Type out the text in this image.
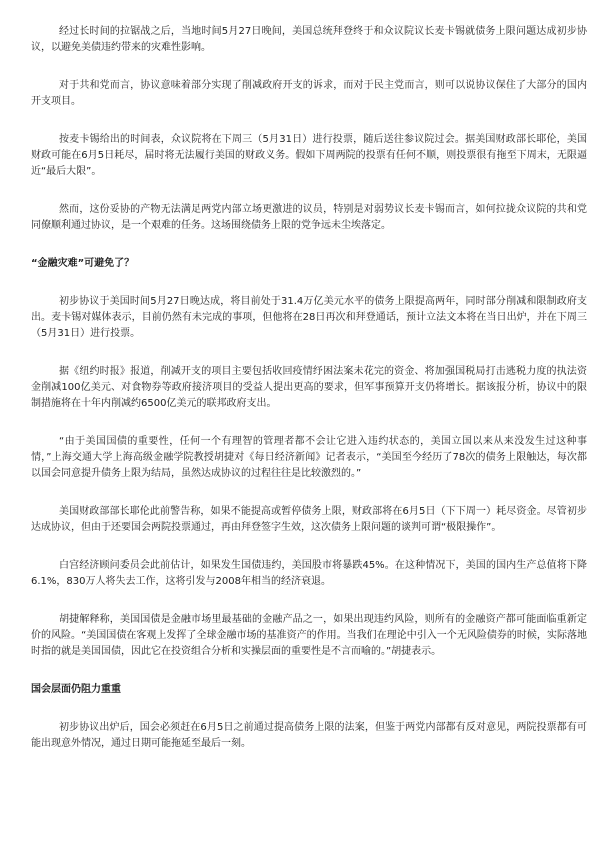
经过长时间的拉锯战之后，当地时间5月27日晚间，美国总统拜登终于和众议院议长麦卡锡就债务上限问题达成初步协议，以避免美债违约带来的灾难性影响。

对于共和党而言，协议意味着部分实现了削减政府开支的诉求，而对于民主党而言，则可以说协议保住了大部分的国内开支项目。

按麦卡锡给出的时间表，众议院将在下周三（5月31日）进行投票，随后送往参议院过会。据美国财政部长耶伦，美国财政可能在6月5日耗尽，届时将无法履行美国的财政义务。假如下周两院的投票有任何不顺，则投票很有拖至下周末，无限逼近“最后大限”。

然而，这份妥协的产物无法满足两党内部立场更激进的议员，特别是对弱势议长麦卡锡而言，如何拉拢众议院的共和党同僚顺利通过协议，是一个艰难的任务。这场围绕债务上限的党争远未尘埃落定。

“金融灾难”可避免了？

初步协议于美国时间5月27日晚达成，将目前处于31.4万亿美元水平的债务上限提高两年，同时部分削减和限制政府支出。麦卡锡对媒体表示，目前仍然有未完成的事项，但他将在28日再次和拜登通话，预计立法文本将在当日出炉，并在下周三（5月31日）进行投票。

据《纽约时报》报道，削减开支的项目主要包括收回疫情纾困法案未花完的资金、将加强国税局打击逃税力度的执法资金削减100亿美元、对食物券等政府接济项目的受益人提出更高的要求，但军事预算开支仍将增长。据该报分析，协议中的限制措施将在十年内削减约6500亿美元的联邦政府支出。

“由于美国国债的重要性，任何一个有理智的管理者都不会让它进入违约状态的，美国立国以来从来没发生过这种事情，”上海交通大学上海高级金融学院教授胡捷对《每日经济新闻》记者表示，“美国至今经历了78次的债务上限触达，每次都以国会同意提升债务上限为结局，虽然达成协议的过程往往是比较激烈的。”

美国财政部部长耶伦此前警告称，如果不能提高或暂停债务上限，财政部将在6月5日（下下周一）耗尽资金。尽管初步达成协议，但由于还要国会两院投票通过，再由拜登签字生效，这次债务上限问题的谈判可谓“极限操作”。

白宫经济顾问委员会此前估计，如果发生国债违约，美国股市将暴跌45%。在这种情况下，美国的国内生产总值将下降6.1%，830万人将失去工作，这将引发与2008年相当的经济衰退。

胡捷解释称，美国国债是金融市场里最基础的金融产品之一，如果出现违约风险，则所有的金融资产都可能面临重新定价的风险。“美国国债在客观上发挥了全球金融市场的基准资产的作用。当我们在理论中引入一个无风险债券的时候，实际落地时指的就是美国国债，因此它在投资组合分析和实操层面的重要性是不言而喻的。”胡捷表示。

国会层面仍阻力重重

初步协议出炉后，国会必须赶在6月5日之前通过提高债务上限的法案，但鉴于两党内部都有反对意见，两院投票都有可能出现意外情况，通过日期可能拖延至最后一刻。
